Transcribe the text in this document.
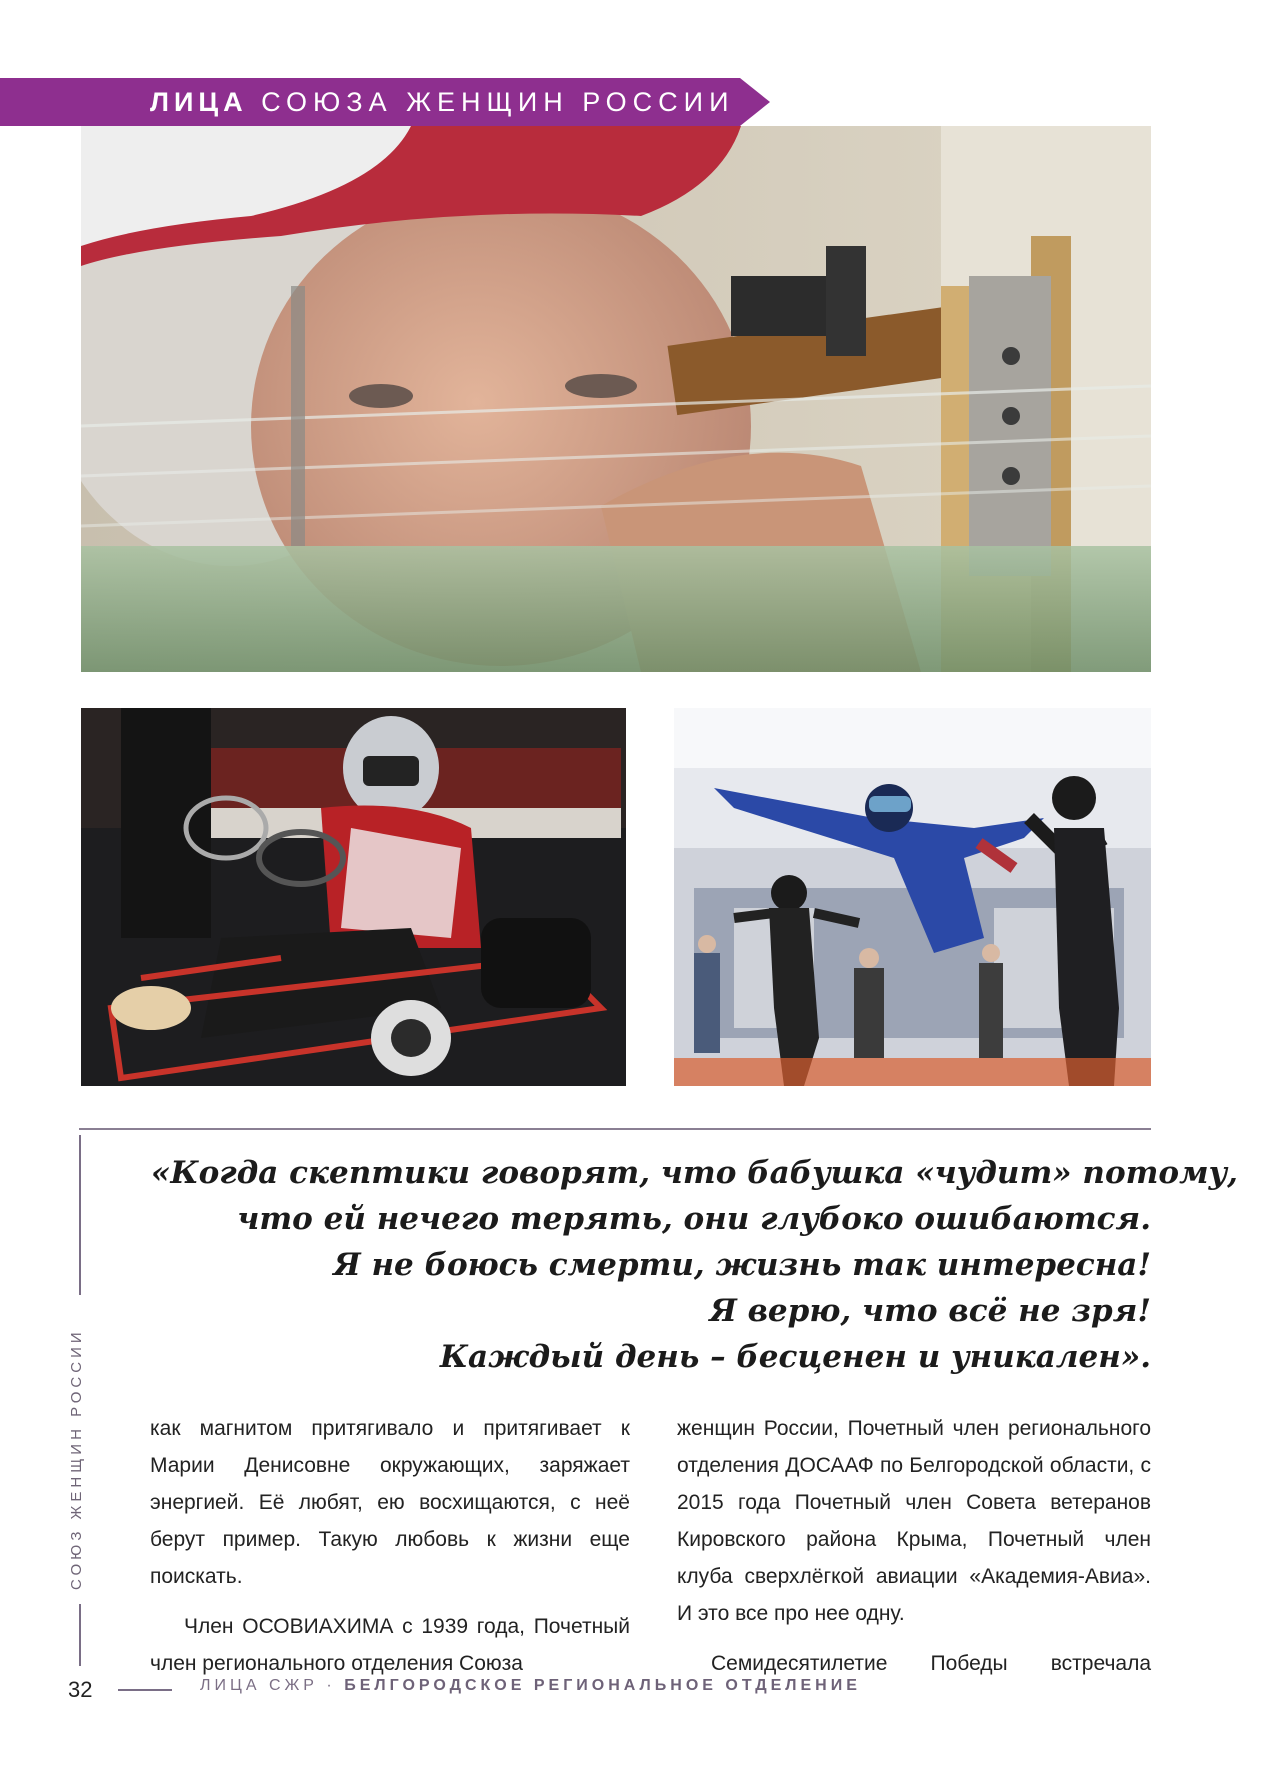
ЛИЦА СОЮЗА ЖЕНЩИН РОССИИ
«Когда скептики говорят, что бабушка «чудит» потому,
что ей нечего терять, они глубоко ошибаются.
Я не боюсь смерти, жизнь так интересна!
Я верю, что всё не зря!
Каждый день – бесценен и уникален».
СОЮЗ ЖЕНЩИН РОССИИ	как магнитом притягивало и притягивает к Марии Денисовне окружающих, заряжает энергией. Её любят, ею восхищаются, с неё берут пример. Такую любовь к жизни еще поискать.

Член ОСОВИАХИМА с 1939 года, Почетный член регионального отделения Союза

женщин России, Почетный член регионального отделения ДОСААФ по Белгородской области, с 2015 года Почетный член Совета ветеранов Кировского района Крыма, Почетный член клуба сверхлёгкой авиации «Академия-Авиа». И это все про нее одну.

Семидесятилетие Победы встречала

32	ЛИЦА СЖР · БЕЛГОРОДСКОЕ РЕГИОНАЛЬНОЕ ОТДЕЛЕНИЕ
